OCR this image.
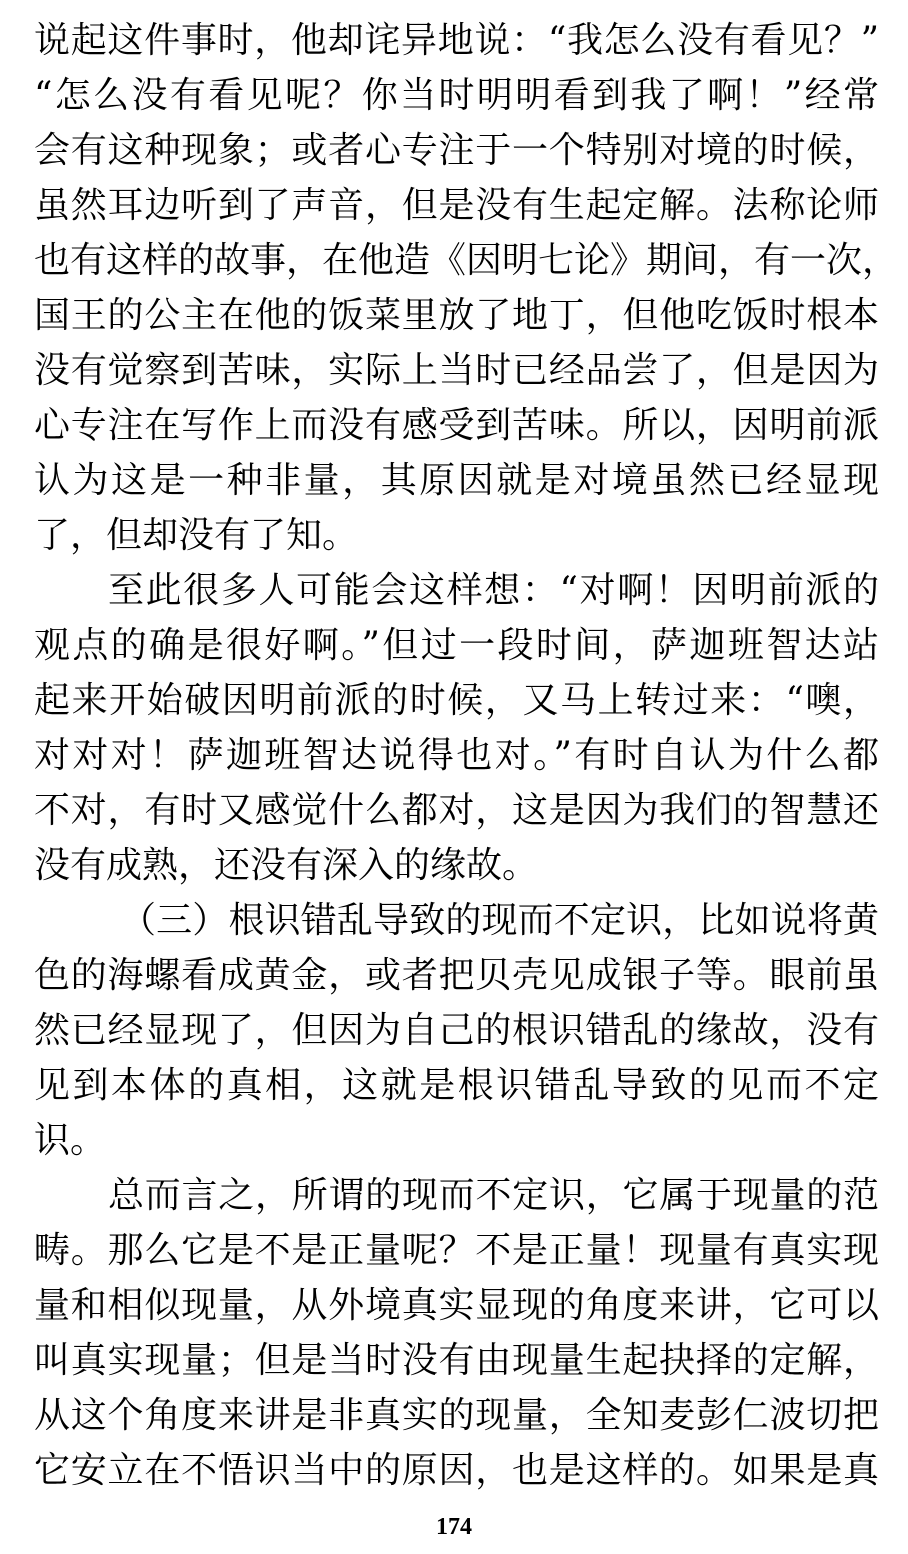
说起这件事时，他却诧异地说：“我怎么没有看见？”
“怎么没有看见呢？你当时明明看到我了啊！”经常
会有这种现象；或者心专注于一个特别对境的时候，
虽然耳边听到了声音，但是没有生起定解。法称论师
也有这样的故事，在他造《因明七论》期间，有一次，
国王的公主在他的饭菜里放了地丁，但他吃饭时根本
没有觉察到苦味，实际上当时已经品尝了，但是因为
心专注在写作上而没有感受到苦味。所以，因明前派
认为这是一种非量，其原因就是对境虽然已经显现
了，但却没有了知。
至此很多人可能会这样想：“对啊！因明前派的
观点的确是很好啊。”但过一段时间，萨迦班智达站
起来开始破因明前派的时候，又马上转过来：“噢，
对对对！萨迦班智达说得也对。”有时自认为什么都
不对，有时又感觉什么都对，这是因为我们的智慧还
没有成熟，还没有深入的缘故。
（三）根识错乱导致的现而不定识，比如说将黄
色的海螺看成黄金，或者把贝壳见成银子等。眼前虽
然已经显现了，但因为自己的根识错乱的缘故，没有
见到本体的真相，这就是根识错乱导致的见而不定
识。
总而言之，所谓的现而不定识，它属于现量的范
畴。那么它是不是正量呢？不是正量！现量有真实现
量和相似现量，从外境真实显现的角度来讲，它可以
叫真实现量；但是当时没有由现量生起抉择的定解，
从这个角度来讲是非真实的现量，全知麦彭仁波切把
它安立在不悟识当中的原因，也是这样的。如果是真
174
